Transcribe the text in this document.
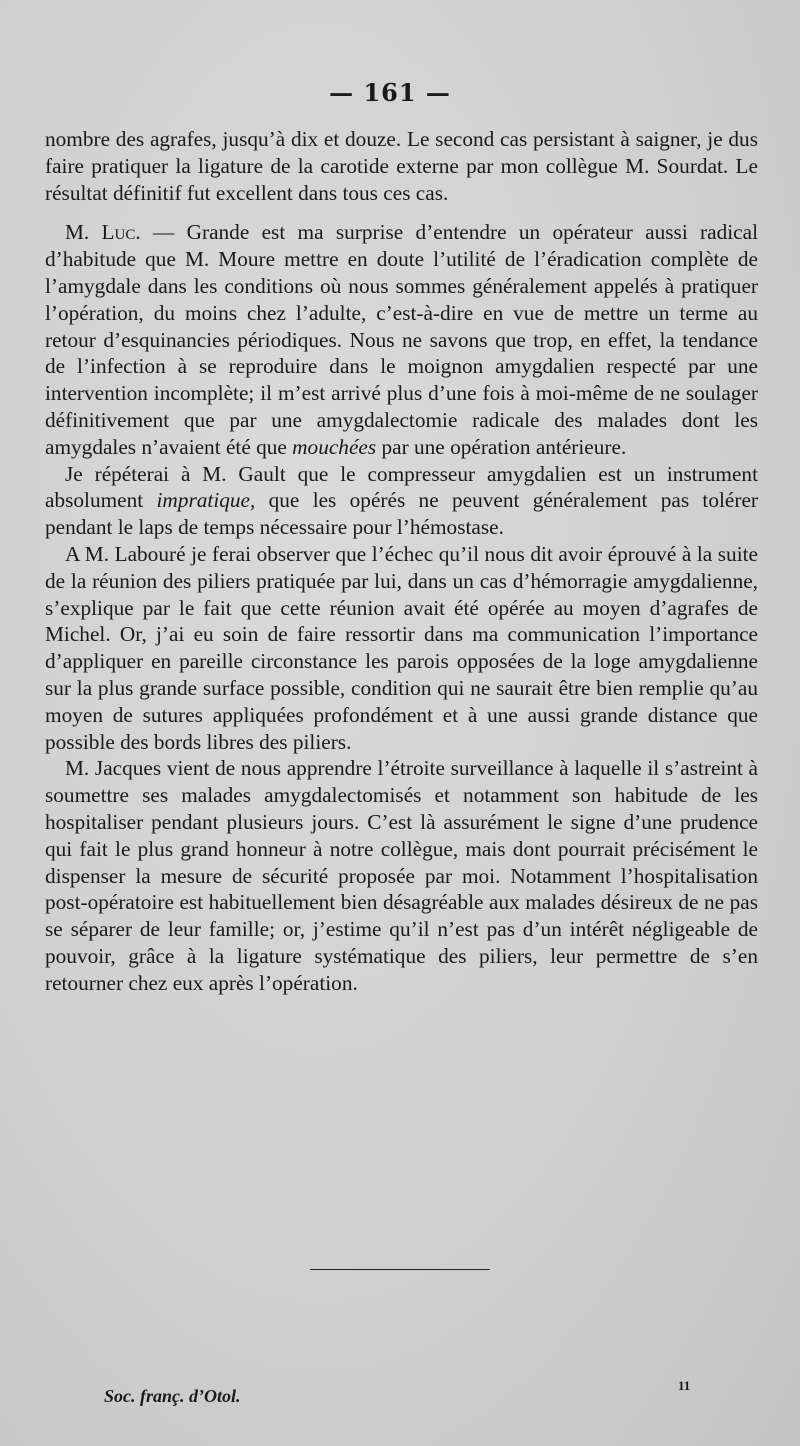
— 161 —

nombre des agrafes, jusqu’à dix et douze. Le second cas persistant à saigner, je dus faire pratiquer la ligature de la carotide externe par mon collègue M. Sourdat. Le résultat définitif fut excellent dans tous ces cas.

M. Luc. — Grande est ma surprise d’entendre un opérateur aussi radical d’habitude que M. Moure mettre en doute l’utilité de l’éradication complète de l’amygdale dans les conditions où nous sommes généralement appelés à pratiquer l’opération, du moins chez l’adulte, c’est-à-dire en vue de mettre un terme au retour d’esquinancies périodiques. Nous ne savons que trop, en effet, la tendance de l’infection à se reproduire dans le moignon amygdalien respecté par une intervention incomplète; il m’est arrivé plus d’une fois à moi-même de ne soulager définitivement que par une amygdalectomie radicale des malades dont les amygdales n’avaient été que mouchées par une opération antérieure.

Je répéterai à M. Gault que le compresseur amygdalien est un instrument absolument impratique, que les opérés ne peuvent généralement pas tolérer pendant le laps de temps nécessaire pour l’hémostase.

A M. Labouré je ferai observer que l’échec qu’il nous dit avoir éprouvé à la suite de la réunion des piliers pratiquée par lui, dans un cas d’hémorragie amygdalienne, s’explique par le fait que cette réunion avait été opérée au moyen d’agrafes de Michel. Or, j’ai eu soin de faire ressortir dans ma communication l’importance d’appliquer en pareille circonstance les parois opposées de la loge amygdalienne sur la plus grande surface possible, condition qui ne saurait être bien remplie qu’au moyen de sutures appliquées profondément et à une aussi grande distance que possible des bords libres des piliers.

M. Jacques vient de nous apprendre l’étroite surveillance à laquelle il s’astreint à soumettre ses malades amygdalectomisés et notamment son habitude de les hospitaliser pendant plusieurs jours. C’est là assurément le signe d’une prudence qui fait le plus grand honneur à notre collègue, mais dont pourrait précisément le dispenser la mesure de sécurité proposée par moi. Notamment l’hospitalisation post-opératoire est habituellement bien désagréable aux malades désireux de ne pas se séparer de leur famille; or, j’estime qu’il n’est pas d’un intérêt négligeable de pouvoir, grâce à la ligature systématique des piliers, leur permettre de s’en retourner chez eux après l’opération.

Soc. franç. d’Otol.
11
